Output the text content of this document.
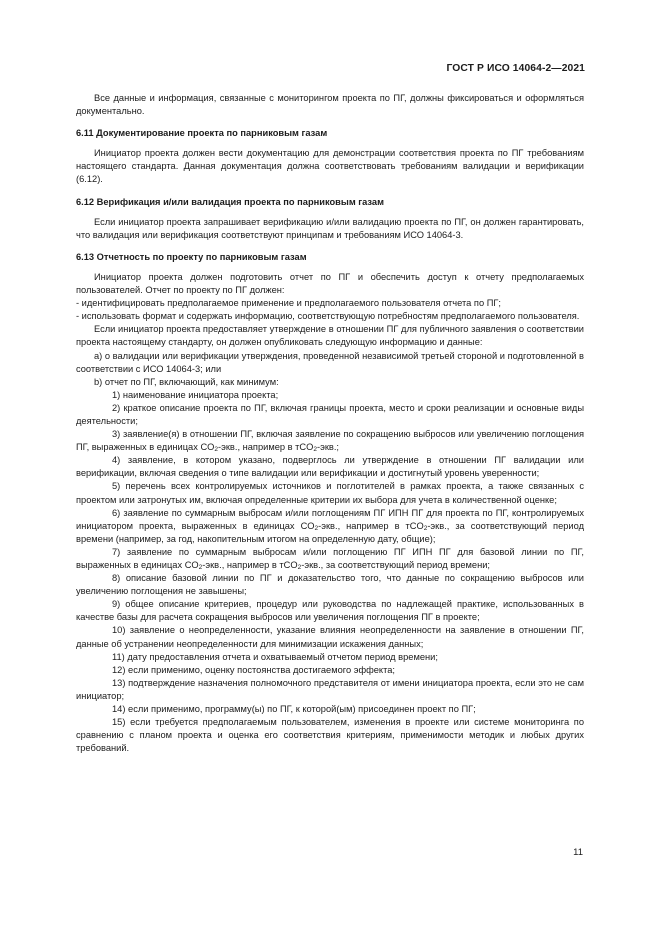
ГОСТ Р ИСО 14064-2—2021

Все данные и информация, связанные с мониторингом проекта по ПГ, должны фиксироваться и оформляться документально.

6.11 Документирование проекта по парниковым газам

Инициатор проекта должен вести документацию для демонстрации соответствия проекта по ПГ требованиям настоящего стандарта. Данная документация должна соответствовать требованиям валидации и верификации (6.12).

6.12 Верификация и/или валидация проекта по парниковым газам

Если инициатор проекта запрашивает верификацию и/или валидацию проекта по ПГ, он должен гарантировать, что валидация или верификация соответствуют принципам и требованиям ИСО 14064-3.

6.13 Отчетность по проекту по парниковым газам

Инициатор проекта должен подготовить отчет по ПГ и обеспечить доступ к отчету предполагаемых пользователей. Отчет по проекту по ПГ должен:

- идентифицировать предполагаемое применение и предполагаемого пользователя отчета по ПГ;

- использовать формат и содержать информацию, соответствующую потребностям предполагаемого пользователя.

Если инициатор проекта предоставляет утверждение в отношении ПГ для публичного заявления о соответствии проекта настоящему стандарту, он должен опубликовать следующую информацию и данные:

а) о валидации или верификации утверждения, проведенной независимой третьей стороной и подготовленной в соответствии с ИСО 14064-3; или

b) отчет по ПГ, включающий, как минимум:

1) наименование инициатора проекта;

2) краткое описание проекта по ПГ, включая границы проекта, место и сроки реализации и основные виды деятельности;

3) заявление(я) в отношении ПГ, включая заявление по сокращению выбросов или увеличению поглощения ПГ, выраженных в единицах $CO_2$-экв., например в тCO$_2$-экв.;

4) заявление, в котором указано, подверглось ли утверждение в отношении ПГ валидации или верификации, включая сведения о типе валидации или верификации и достигнутый уровень уверенности;

5) перечень всех контролируемых источников и поглотителей в рамках проекта, а также связанных с проектом или затронутых им, включая определенные критерии их выбора для учета в количественной оценке;

6) заявление по суммарным выбросам и/или поглощениям ПГ ИПН ПГ для проекта по ПГ, контролируемых инициатором проекта, выраженных в единицах $CO_2$-экв., например в тCO$_2$-экв., за соответствующий период времени (например, за год, накопительным итогом на определенную дату, общие);

7) заявление по суммарным выбросам и/или поглощению ПГ ИПН ПГ для базовой линии по ПГ, выраженных в единицах $CO_2$-экв., например в тCO$_2$-экв., за соответствующий период времени;

8) описание базовой линии по ПГ и доказательство того, что данные по сокращению выбросов или увеличению поглощения не завышены;

9) общее описание критериев, процедур или руководства по надлежащей практике, использованных в качестве базы для расчета сокращения выбросов или увеличения поглощения ПГ в проекте;

10) заявление о неопределенности, указание влияния неопределенности на заявление в отношении ПГ, данные об устранении неопределенности для минимизации искажения данных;

11) дату предоставления отчета и охватываемый отчетом период времени;

12) если применимо, оценку постоянства достигаемого эффекта;

13) подтверждение назначения полномочного представителя от имени инициатора проекта, если это не сам инициатор;

14) если применимо, программу(ы) по ПГ, к которой(ым) присоединен проект по ПГ;

15) если требуется предполагаемым пользователем, изменения в проекте или системе мониторинга по сравнению с планом проекта и оценка его соответствия критериям, применимости методик и любых других требований.

11
